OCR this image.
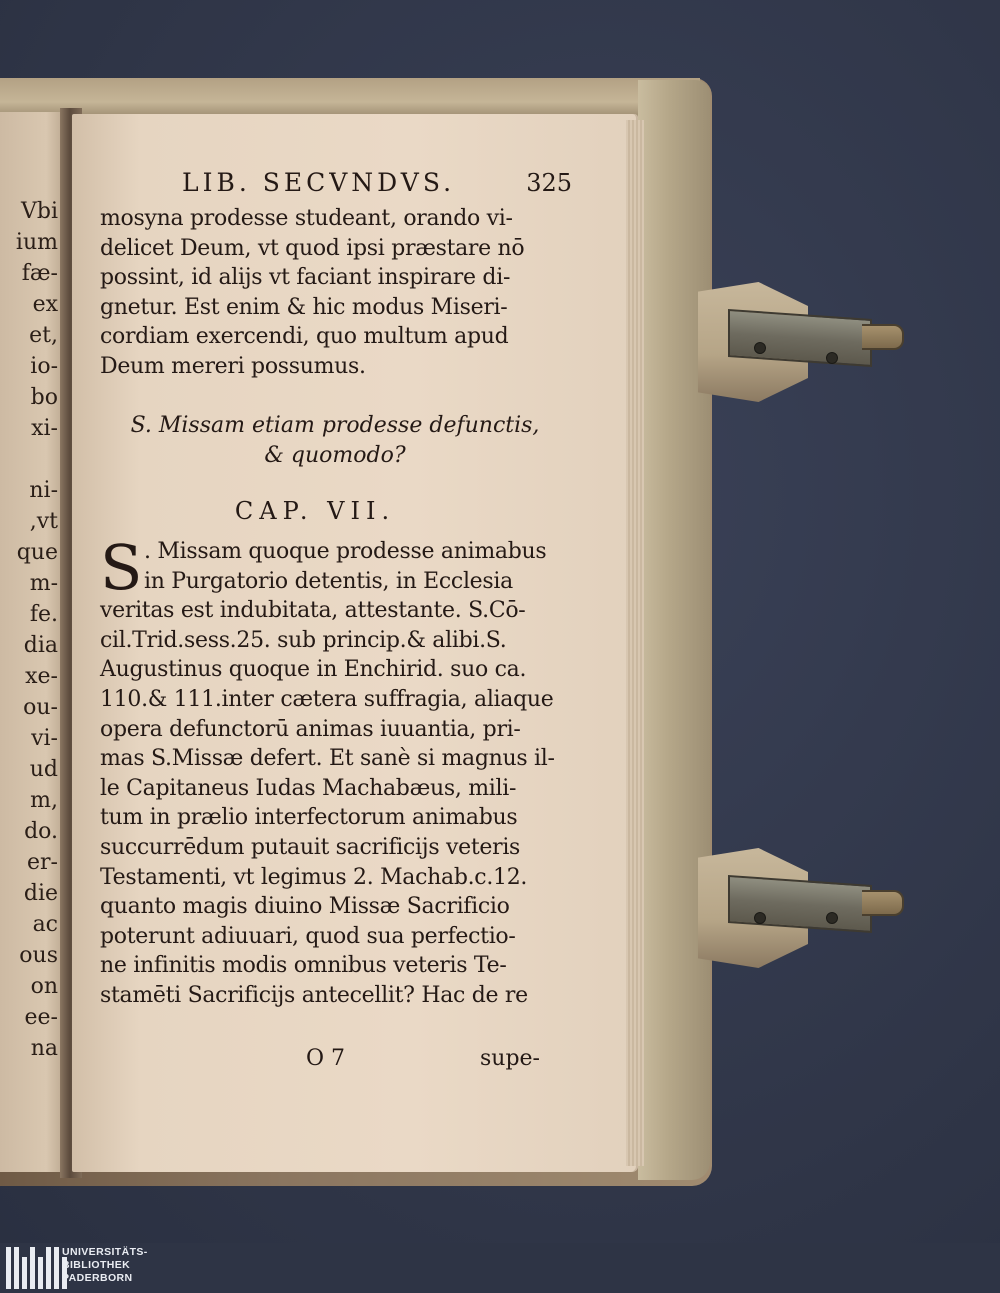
Vbi
ium
fæ-
ex
et,
io-
bo
xi-
ni-
,vt
que
m-
fe.
dia
xe-
ou-
vi-
ud
m,
do.
er-
die
ac
ous
on
ee-
na
LIB. SECVNDVS.	325
mosyna prodesse studeant, orando vi-
delicet Deum, vt quod ipsi præstare nō
possint, id alijs vt faciant inspirare di-
gnetur. Est enim & hic modus Miseri-
cordiam exercendi, quo multum apud
Deum mereri possumus.
S. Missam etiam prodesse defunctis,
& quomodo?
CAP. VII.
S . Missam quoque prodesse animabus
in Purgatorio detentis, in Ecclesia
veritas est indubitata, attestante. S.Cō-
cil.Trid.sess.25. sub princip.& alibi.S.
Augustinus quoque in Enchirid. suo ca.
110.& 111.inter cætera suffragia, aliaque
opera defunctorū animas iuuantia, pri-
mas S.Missæ defert. Et sanè si magnus il-
le Capitaneus Iudas Machabæus, mili-
tum in prælio interfectorum animabus
succurrēdum putauit sacrificijs veteris
Testamenti, vt legimus 2. Machab.c.12.
quanto magis diuino Missæ Sacrificio
poterunt adiuuari, quod sua perfectio-
ne infinitis modis omnibus veteris Te-
stamēti Sacrificijs antecellit? Hac de re
O 7	supe-
UNIVERSITÄTS-
BIBLIOTHEK
PADERBORN
